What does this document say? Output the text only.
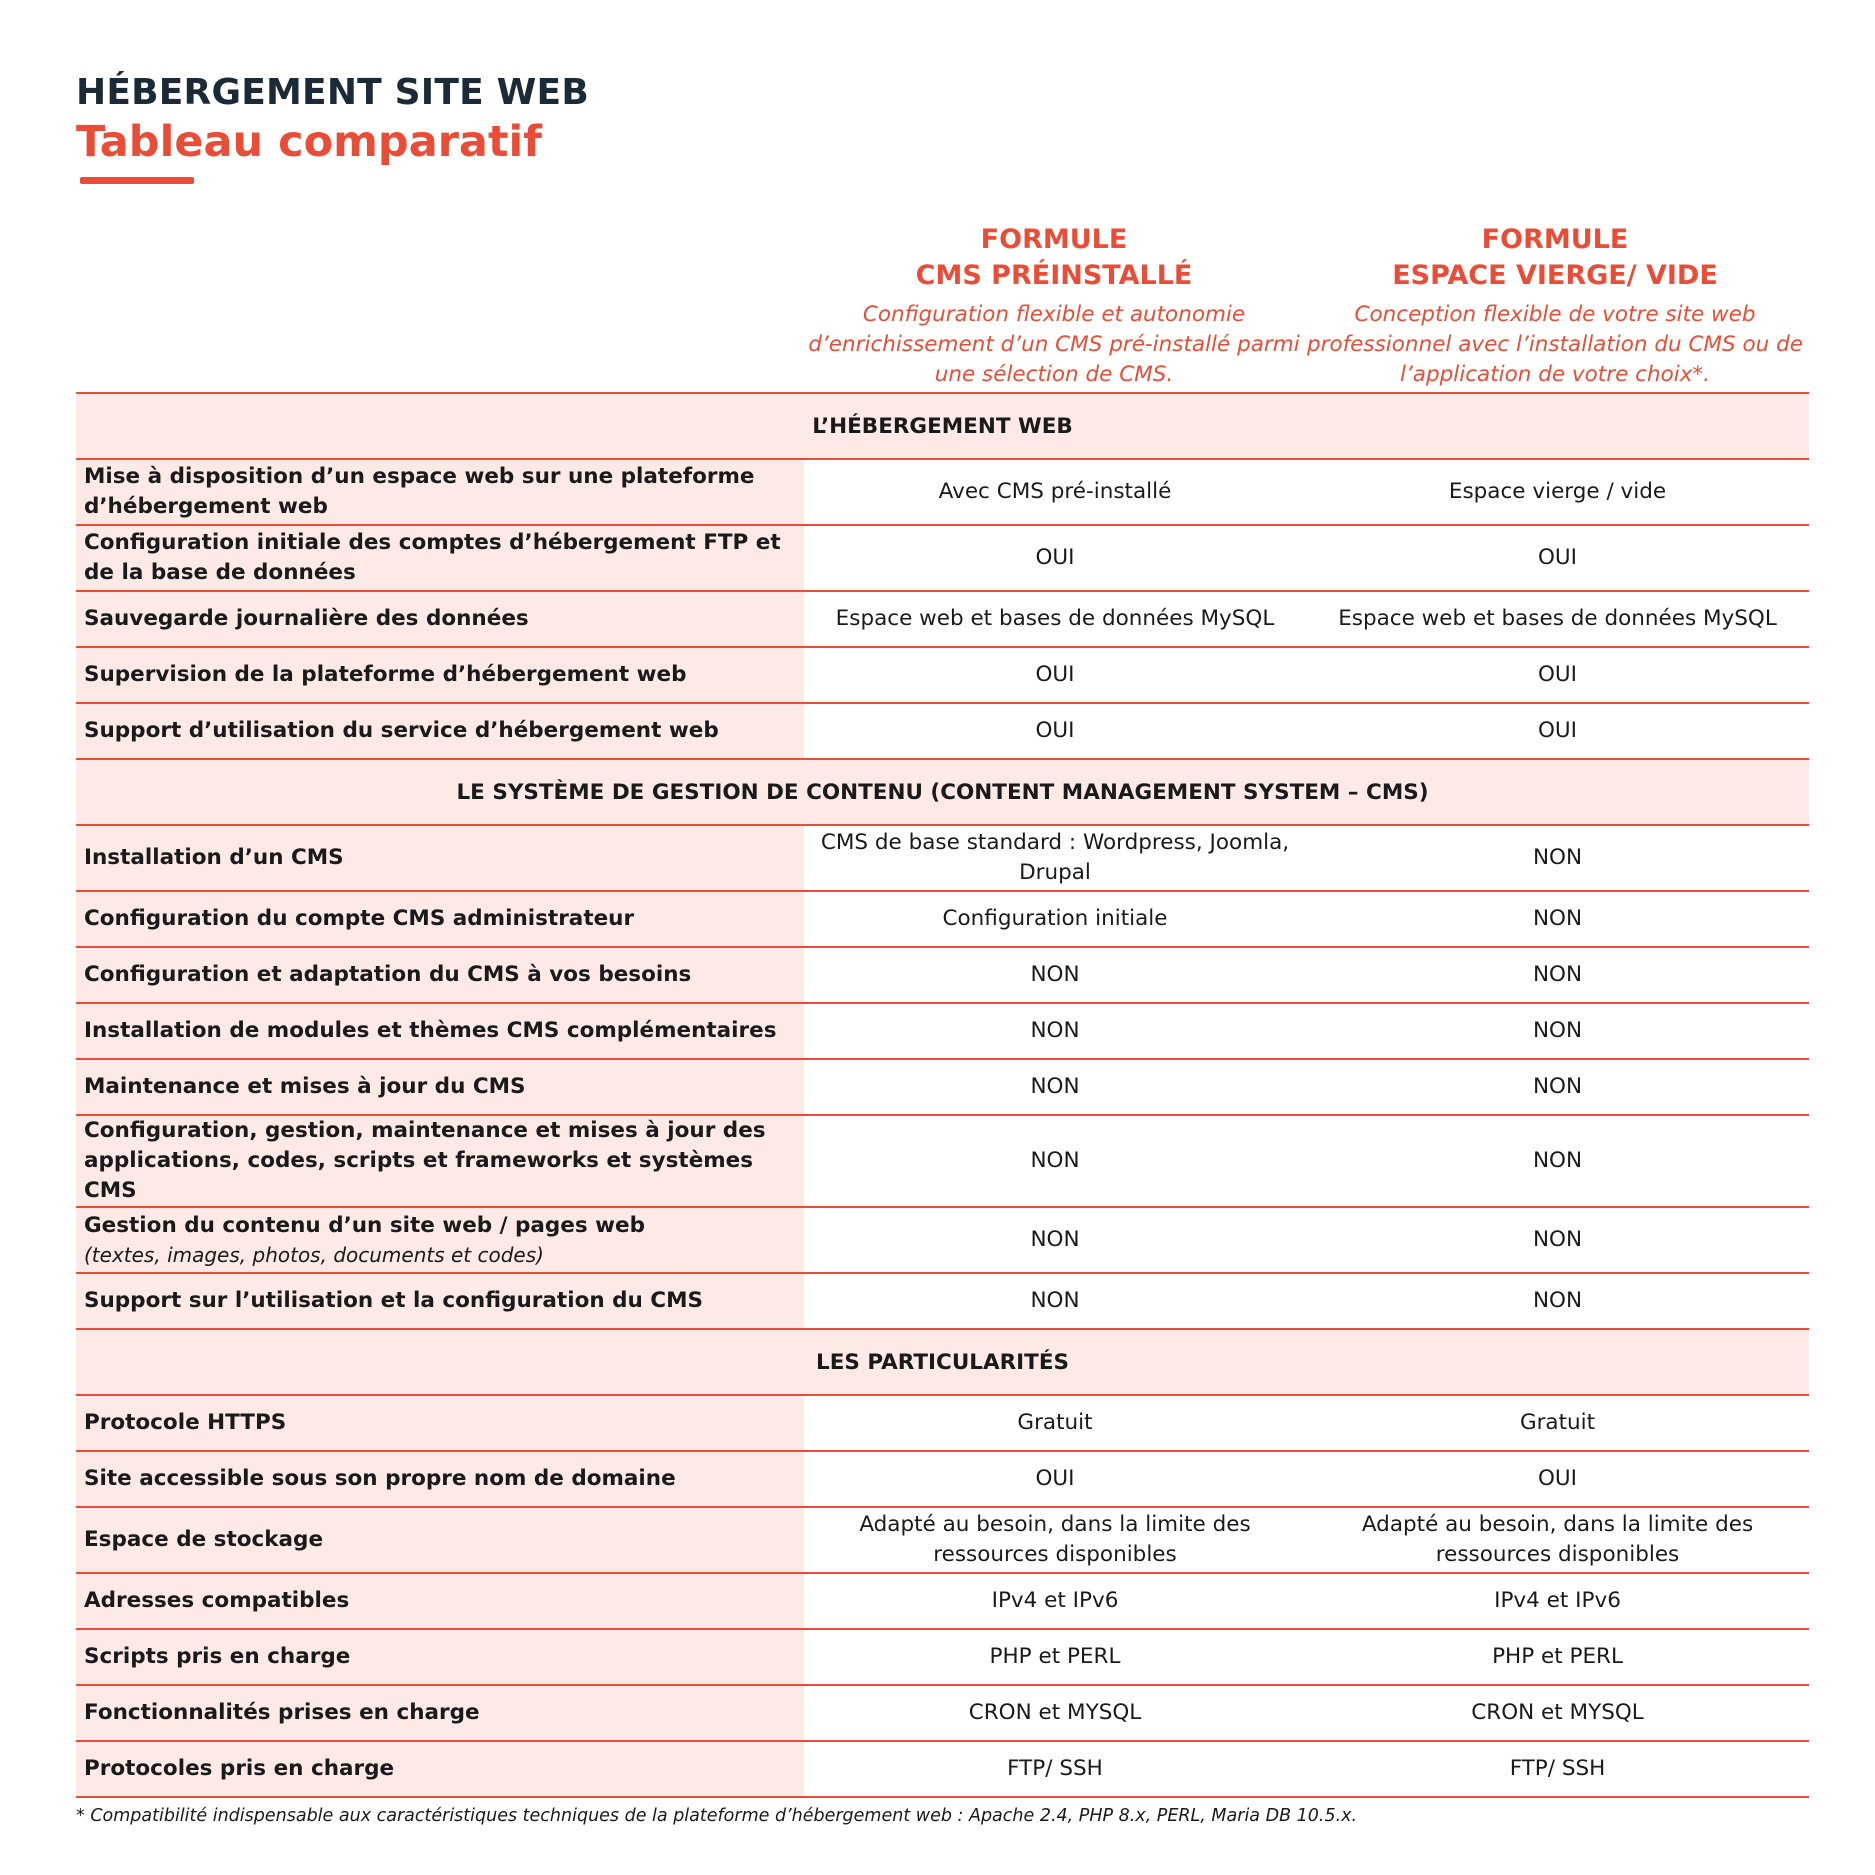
HÉBERGEMENT SITE WEB
Tableau comparatif
FORMULE
CMS PRÉINSTALLÉ
Configuration flexible et autonomie d’enrichissement d’un CMS pré-installé parmi une sélection de CMS.
FORMULE
ESPACE VIERGE/ VIDE
Conception flexible de votre site web professionnel avec l’installation du CMS ou de l’application de votre choix*.
L’HÉBERGEMENT WEB		
Mise à disposition d’un espace web sur une plateforme d’hébergement web	Avec CMS pré-installé	Espace vierge / vide
Configuration initiale des comptes d’hébergement FTP et de la base de données	OUI	OUI
Sauvegarde journalière des données	Espace web et bases de données MySQL	Espace web et bases de données MySQL
Supervision de la plateforme d’hébergement web	OUI	OUI
Support d’utilisation du service d’hébergement web	OUI	OUI
LE SYSTÈME DE GESTION DE CONTENU (CONTENT MANAGEMENT SYSTEM – CMS)		
Installation d’un CMS	CMS de base standard : Wordpress, Joomla, Drupal	NON
Configuration du compte CMS administrateur	Configuration initiale	NON
Configuration et adaptation du CMS à vos besoins	NON	NON
Installation de modules et thèmes CMS complémentaires	NON	NON
Maintenance et mises à jour du CMS	NON	NON
Configuration, gestion, maintenance et mises à jour des applications, codes, scripts et frameworks et systèmes CMS	NON	NON
Gestion du contenu d’un site web / pages web
(textes, images, photos, documents et codes)	NON	NON
Support sur l’utilisation et la configuration du CMS	NON	NON
LES PARTICULARITÉS		
Protocole HTTPS	Gratuit	Gratuit
Site accessible sous son propre nom de domaine	OUI	OUI
Espace de stockage	Adapté au besoin, dans la limite des ressources disponibles	Adapté au besoin, dans la limite des ressources disponibles
Adresses compatibles	IPv4 et IPv6	IPv4 et IPv6
Scripts pris en charge	PHP et PERL	PHP et PERL
Fonctionnalités prises en charge	CRON et MYSQL	CRON et MYSQL
Protocoles pris en charge	FTP/ SSH	FTP/ SSH
* Compatibilité indispensable aux caractéristiques techniques de la plateforme d’hébergement web : Apache 2.4, PHP 8.x, PERL, Maria DB 10.5.x.
